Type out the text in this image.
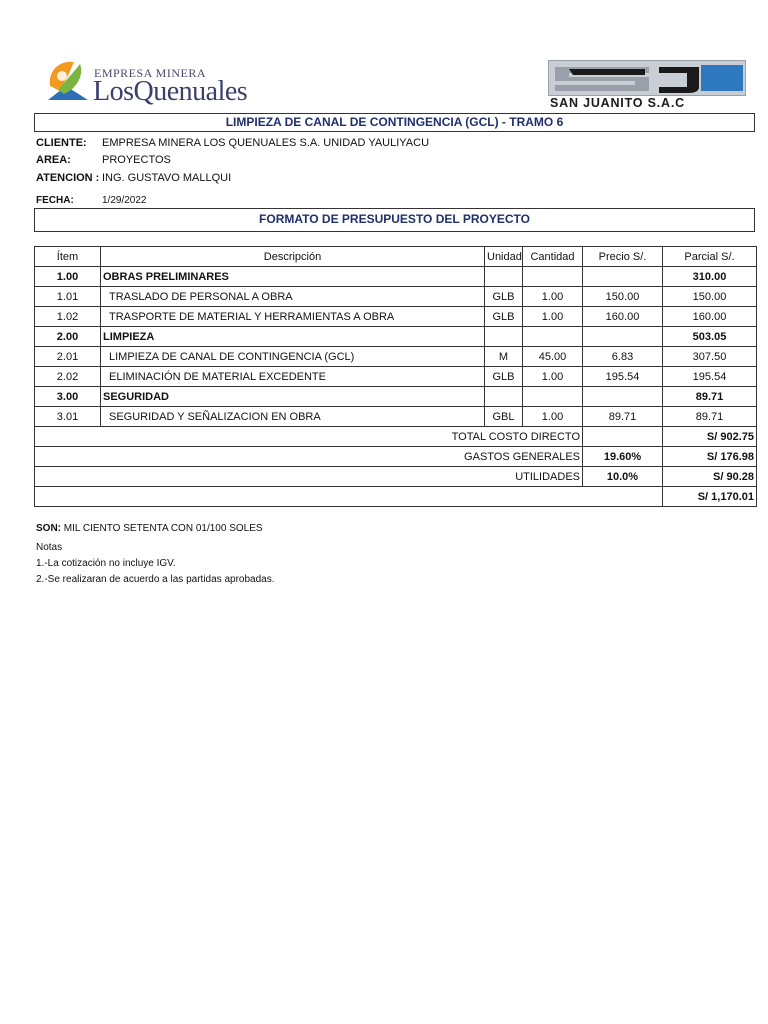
EMPRESA MINERA
LosQuenuales	SAN JUANITO S.A.C
LIMPIEZA DE CANAL DE CONTINGENCIA (GCL) - TRAMO 6
CLIENTE: EMPRESA MINERA LOS QUENUALES S.A. UNIDAD YAULIYACU
AREA:	PROYECTOS
ATENCION : ING. GUSTAVO MALLQUI
FECHA:	1/29/2022
FORMATO DE PRESUPUESTO DEL PROYECTO
Ítem	Descripción	Unidad	Cantidad	Precio S/.	Parcial S/.
1.00	OBRAS PRELIMINARES				310.00
1.01	TRASLADO DE PERSONAL A OBRA	GLB	1.00	150.00	150.00
1.02	TRASPORTE DE MATERIAL Y HERRAMIENTAS A OBRA	GLB	1.00	160.00	160.00
2.00	LIMPIEZA				503.05
2.01	LIMPIEZA DE CANAL DE CONTINGENCIA (GCL)	M	45.00	6.83	307.50
2.02	ELIMINACIÓN DE MATERIAL EXCEDENTE	GLB	1.00	195.54	195.54
3.00	SEGURIDAD				89.71
3.01	SEGURIDAD Y SEÑALIZACION EN OBRA	GBL	1.00	89.71	89.71
TOTAL COSTO DIRECTO					S/ 902.75
GASTOS GENERALES				19.60%	S/ 176.98
UTILIDADES				10.0%	S/ 90.28
					S/ 1,170.01
SON: MIL CIENTO SETENTA CON 01/100 SOLES
Notas
1.-La cotización no incluye IGV.
2.-Se realizaran de acuerdo a las partidas aprobadas.
